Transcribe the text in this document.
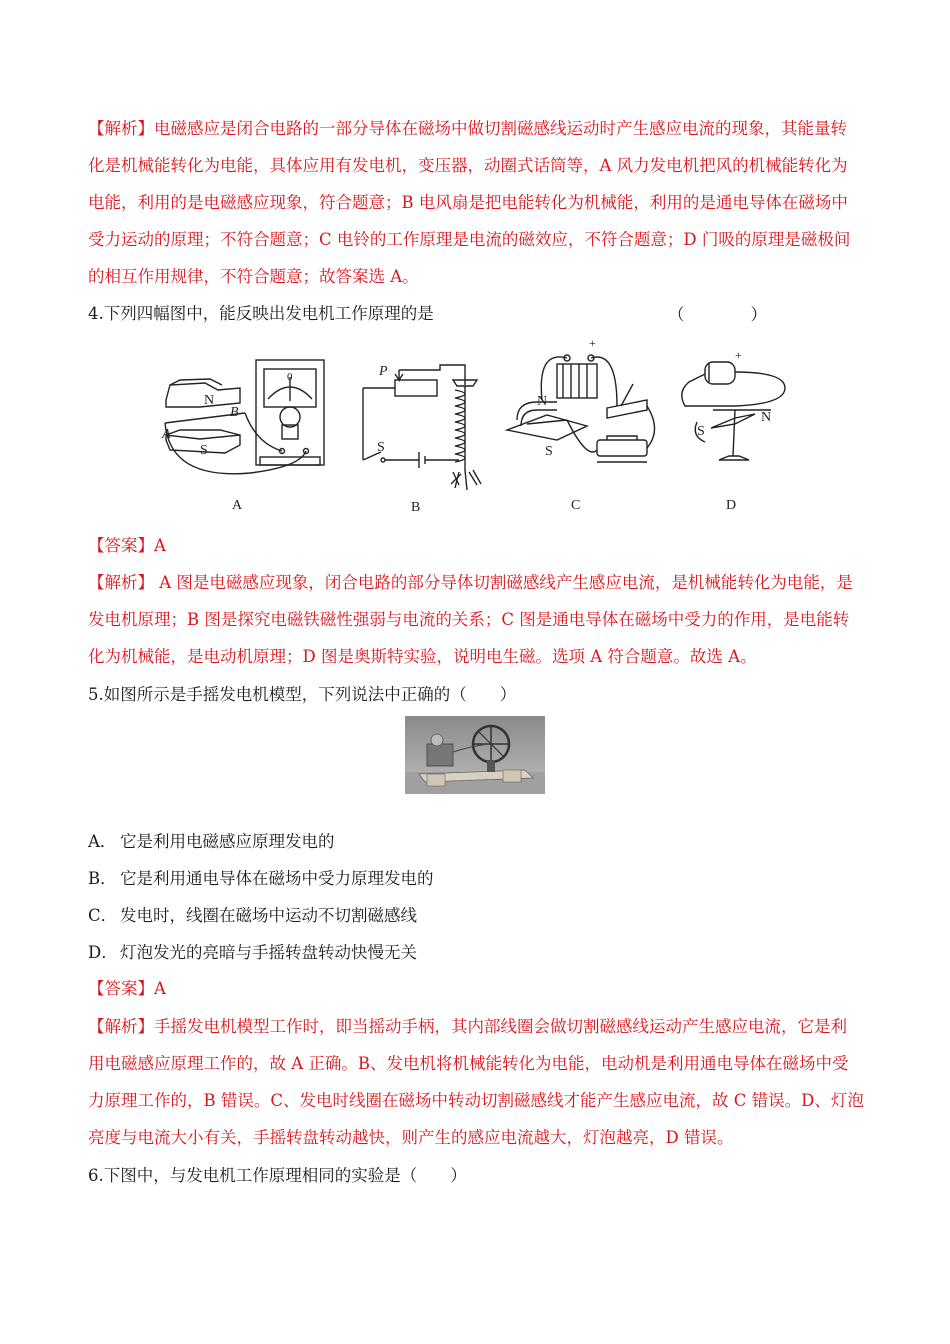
【解析】电磁感应是闭合电路的一部分导体在磁场中做切割磁感线运动时产生感应电流的现象，其能量转
化是机械能转化为电能，具体应用有发电机，变压器，动圈式话筒等，A 风力发电机把风的机械能转化为
电能，利用的是电磁感应现象，符合题意；B 电风扇是把电能转化为机械能，利用的是通电导体在磁场中
受力运动的原理；不符合题意；C 电铃的工作原理是电流的磁效应，不符合题意；D 门吸的原理是磁极间
的相互作用规律，不符合题意；故答案选 A。
4.下列四幅图中，能反映出发电机工作原理的是	（　　　　）
N
B
A
S
0
A
P
S
B
+
N
S
C
+
S
N
D
【答案】A
【解析】 A 图是电磁感应现象，闭合电路的部分导体切割磁感线产生感应电流，是机械能转化为电能，是
发电机原理；B 图是探究电磁铁磁性强弱与电流的关系；C 图是通电导体在磁场中受力的作用，是电能转
化为机械能，是电动机原理；D 图是奥斯特实验，说明电生磁。选项 A 符合题意。故选 A。
5.如图所示是手摇发电机模型，下列说法中正确的（　　）
A． 它是利用电磁感应原理发电的
B． 它是利用通电导体在磁场中受力原理发电的
C． 发电时，线圈在磁场中运动不切割磁感线
D． 灯泡发光的亮暗与手摇转盘转动快慢无关
【答案】A
【解析】手摇发电机模型工作时，即当摇动手柄，其内部线圈会做切割磁感线运动产生感应电流，它是利
用电磁感应原理工作的，故 A 正确。B、发电机将机械能转化为电能，电动机是利用通电导体在磁场中受
力原理工作的，B 错误。C、发电时线圈在磁场中转动切割磁感线才能产生感应电流，故 C 错误。D、灯泡
亮度与电流大小有关，手摇转盘转动越快，则产生的感应电流越大，灯泡越亮，D 错误。
6.下图中，与发电机工作原理相同的实验是（　　）
